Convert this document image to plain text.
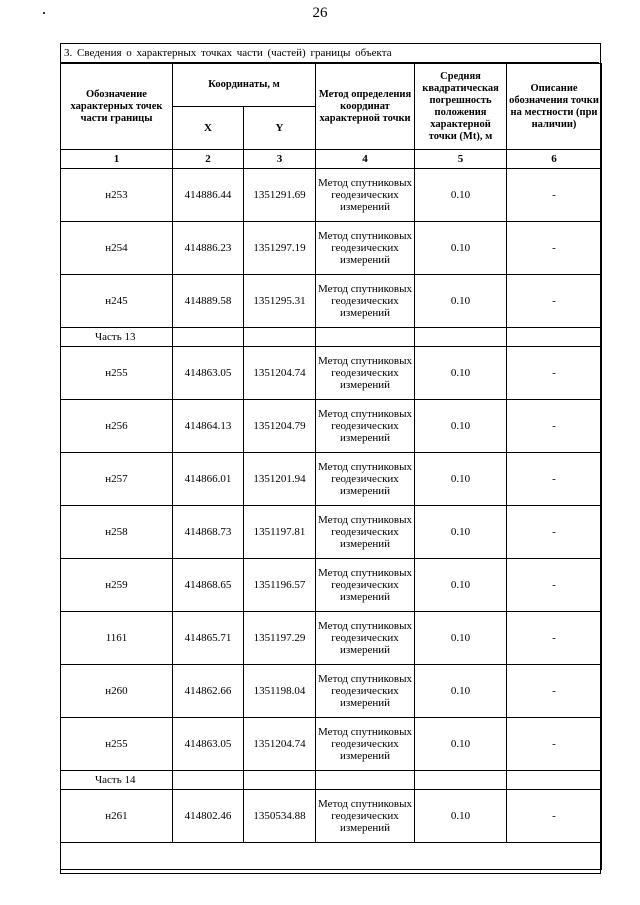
26
3. Сведения о характерных точках части (частей) границы объекта
Обозначение характерных точек части границы	Координаты, м		Метод определения координат характерной точки	Средняя квадратическая погрешность положения характерной точки (Mt), м	Описание обозначения точки на местности (при наличии)
	X	Y			
1	2	3	4	5	6
н253	414886.44	1351291.69	Метод спутниковых геодезических измерений	0.10	-
н254	414886.23	1351297.19	Метод спутниковых геодезических измерений	0.10	-
н245	414889.58	1351295.31	Метод спутниковых геодезических измерений	0.10	-
Часть 13					
н255	414863.05	1351204.74	Метод спутниковых геодезических измерений	0.10	-
н256	414864.13	1351204.79	Метод спутниковых геодезических измерений	0.10	-
н257	414866.01	1351201.94	Метод спутниковых геодезических измерений	0.10	-
н258	414868.73	1351197.81	Метод спутниковых геодезических измерений	0.10	-
н259	414868.65	1351196.57	Метод спутниковых геодезических измерений	0.10	-
1161	414865.71	1351197.29	Метод спутниковых геодезических измерений	0.10	-
н260	414862.66	1351198.04	Метод спутниковых геодезических измерений	0.10	-
н255	414863.05	1351204.74	Метод спутниковых геодезических измерений	0.10	-
Часть 14					
н261	414802.46	1350534.88	Метод спутниковых геодезических измерений	0.10	-
